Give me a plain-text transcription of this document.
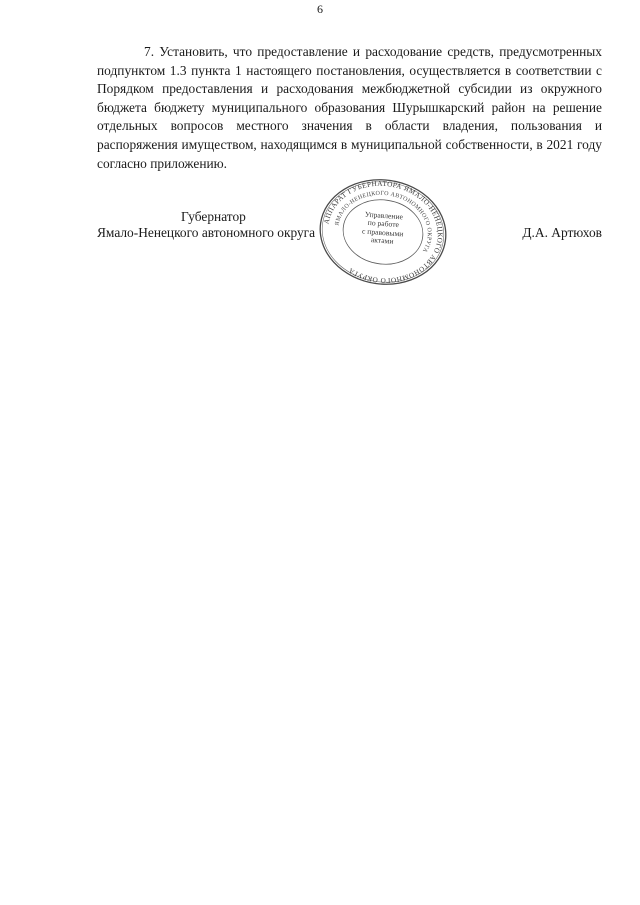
6

7. Установить, что предоставление и расходование средств, предусмотренных подпунктом 1.3 пункта 1 настоящего постановления, осуществляется в соответствии с Порядком предоставления и расходования межбюджетной субсидии из окружного бюджета бюджету муниципального образования Шурышкарский район на решение отдельных вопросов местного значения в области владения, пользования и распоряжения имуществом, находящимся в муниципальной собственности, в 2021 году согласно приложению.

Губернатор
Ямало-Ненецкого автономного округа	Д.А. Артюхов
АППАРАТ ГУБЕРНАТОРА ЯМАЛО-НЕНЕЦКОГО АВТОНОМНОГО ОКРУГА
ЯМАЛО-НЕНЕЦКОГО АВТОНОМНОГО ОКРУГА
Управление
по работе
с правовыми
актами
